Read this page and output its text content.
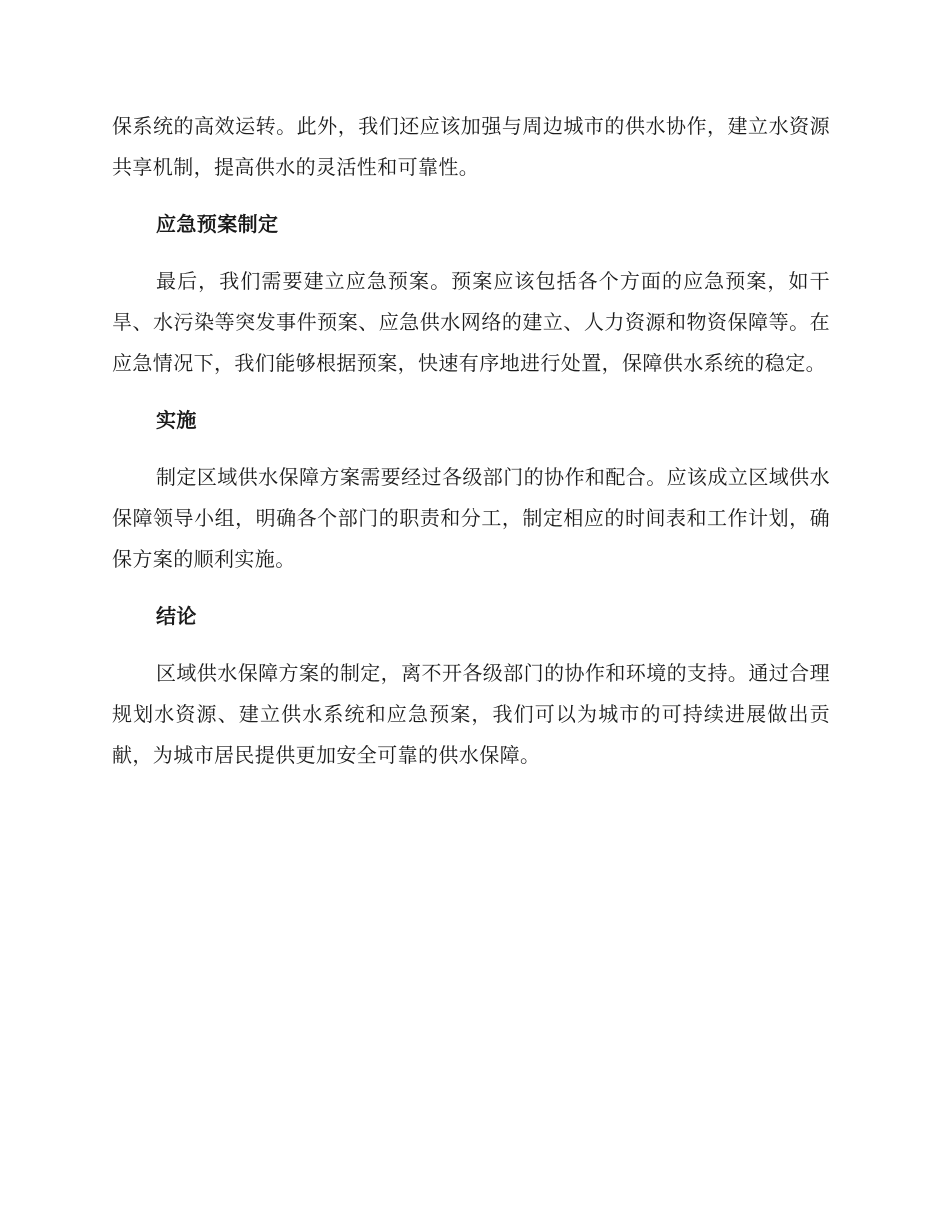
保系统的高效运转。此外，我们还应该加强与周边城市的供水协作，建立水资源共享机制，提高供水的灵活性和可靠性。

应急预案制定

最后，我们需要建立应急预案。预案应该包括各个方面的应急预案，如干旱、水污染等突发事件预案、应急供水网络的建立、人力资源和物资保障等。在应急情况下，我们能够根据预案，快速有序地进行处置，保障供水系统的稳定。

实施

制定区域供水保障方案需要经过各级部门的协作和配合。应该成立区域供水保障领导小组，明确各个部门的职责和分工，制定相应的时间表和工作计划，确保方案的顺利实施。

结论

区域供水保障方案的制定，离不开各级部门的协作和环境的支持。通过合理规划水资源、建立供水系统和应急预案，我们可以为城市的可持续进展做出贡献，为城市居民提供更加安全可靠的供水保障。
